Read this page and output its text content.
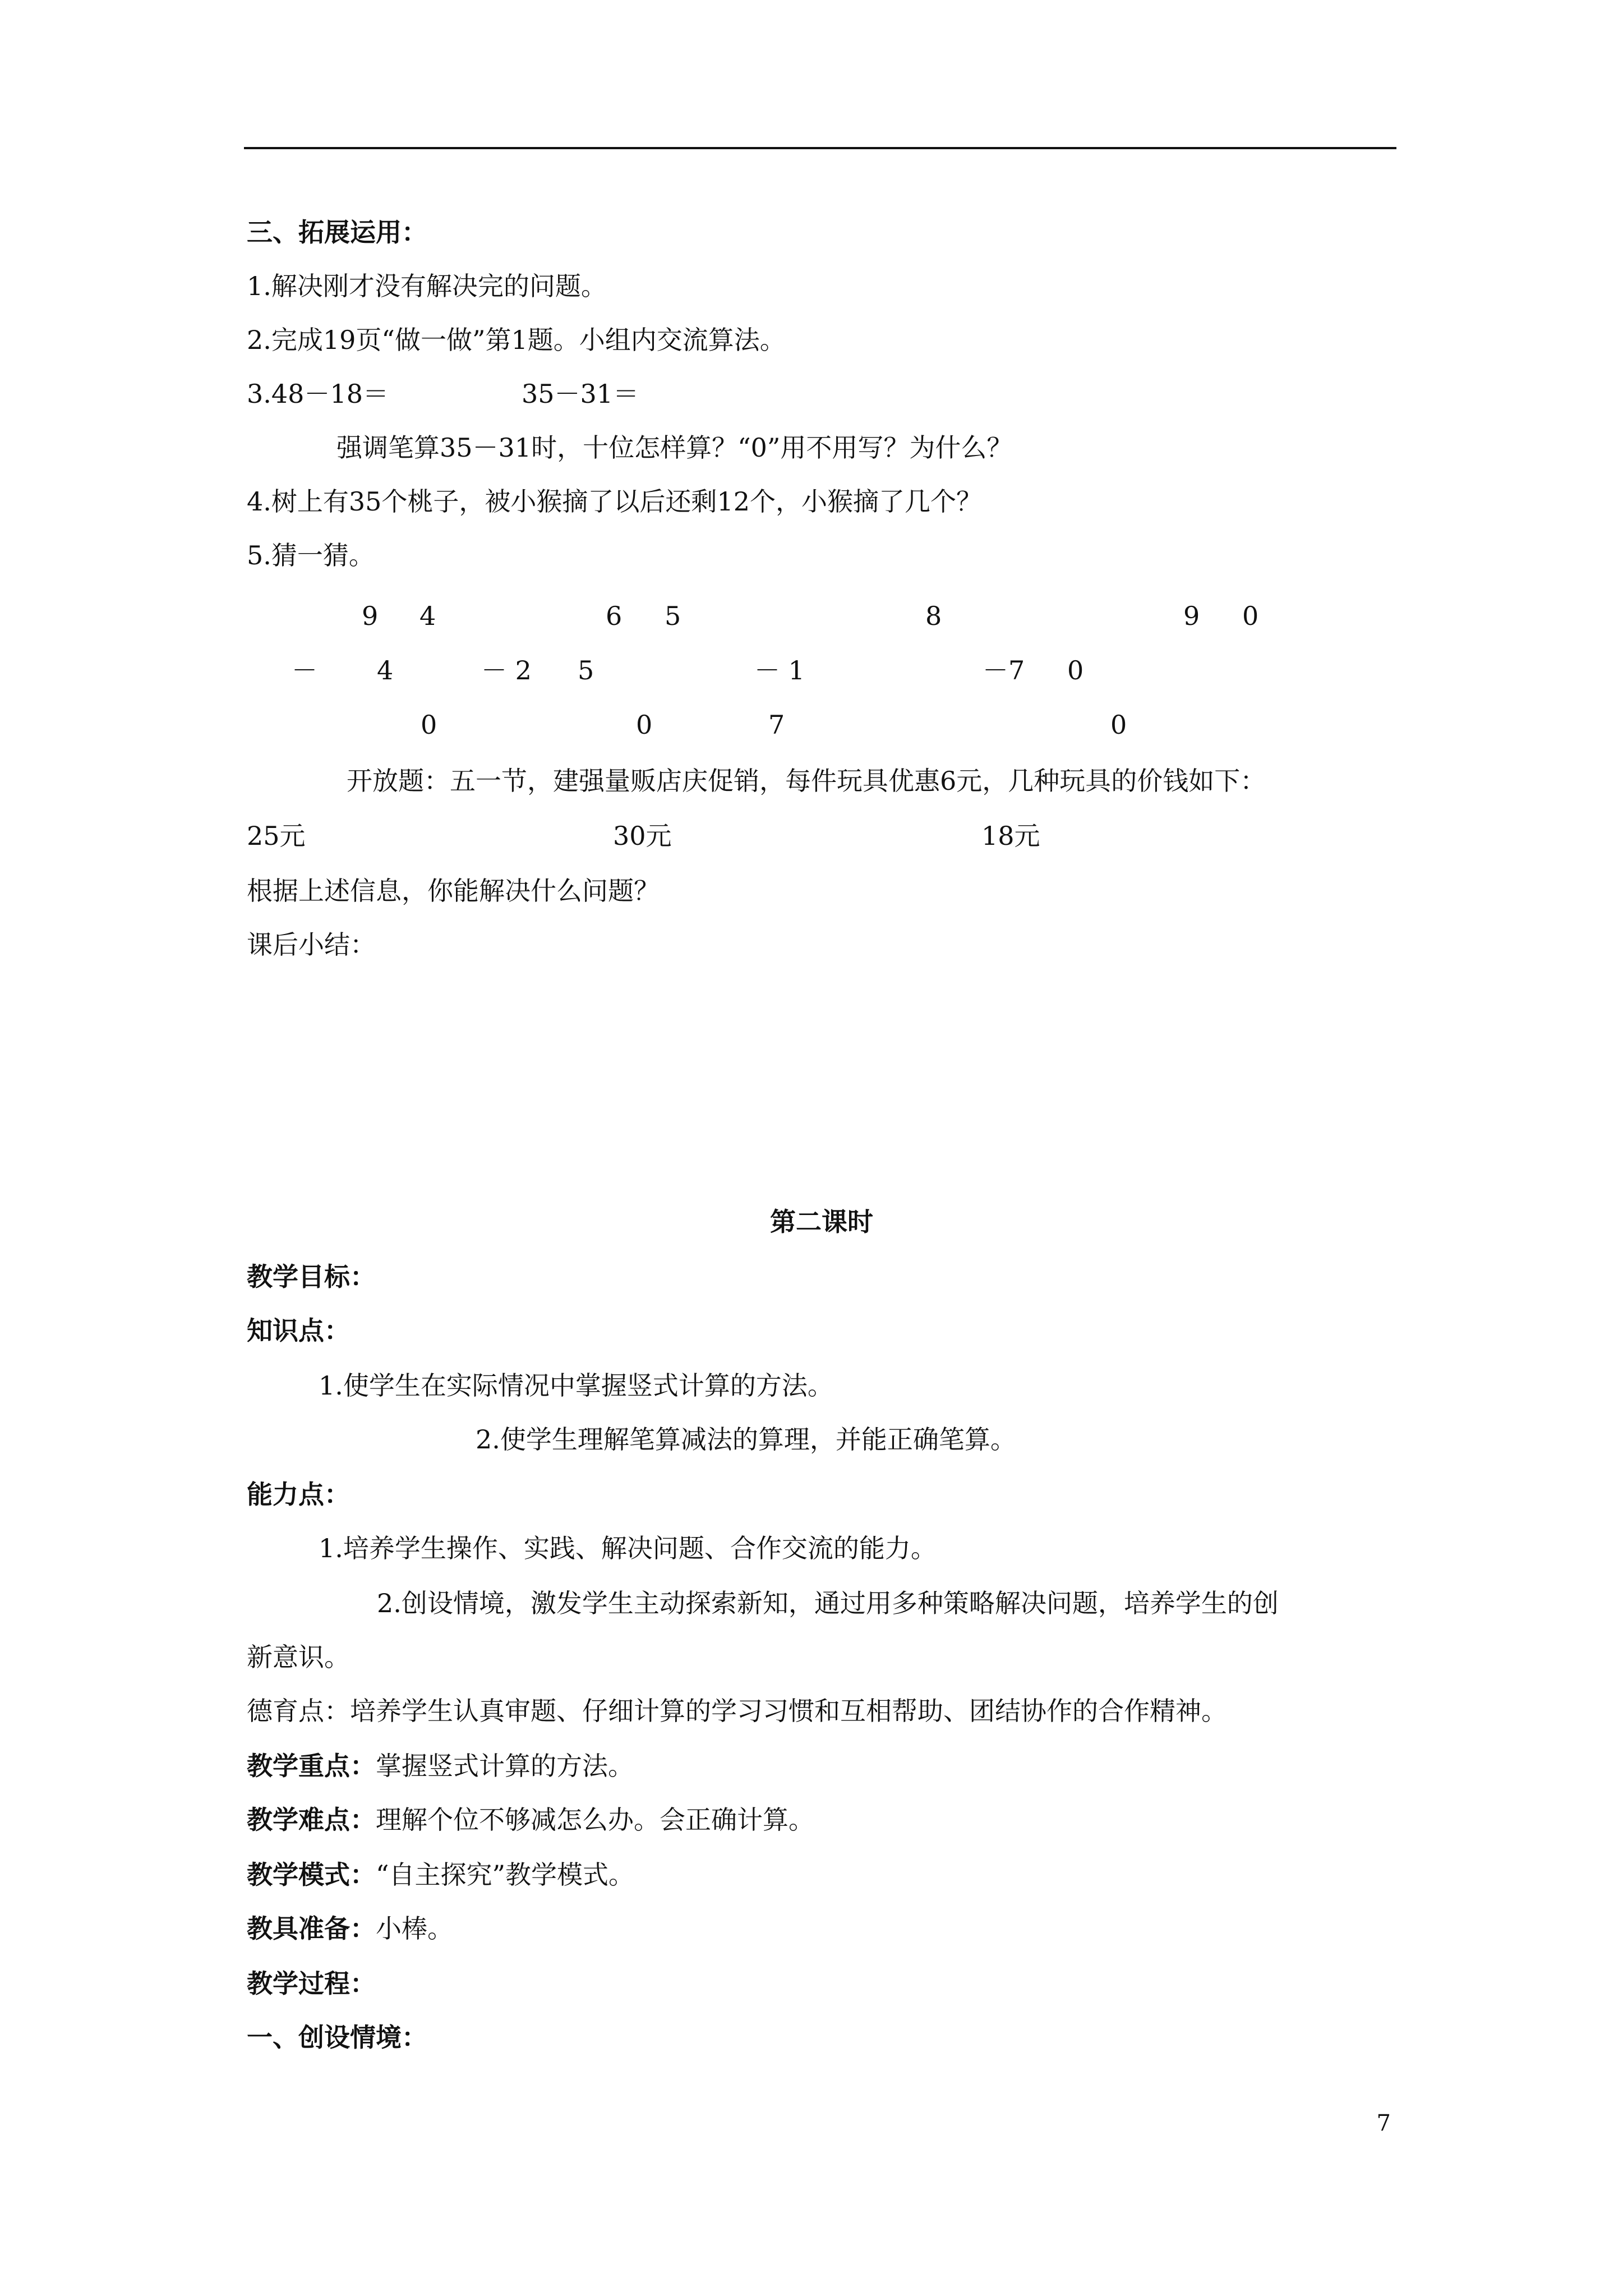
三、拓展运用：
1.解决刚才没有解决完的问题。
2.完成19页“做一做”第1题。小组内交流算法。
3.48－18＝	35－31＝
强调笔算35－31时，十位怎样算？“0”用不用写？为什么？
4.树上有35个桃子，被小猴摘了以后还剩12个，小猴摘了几个？
5.猜一猜。
9 4
－ 4
0
6 5
－ 2 5
0
8
－ 1
7
9 0
－7 0
0
开放题：五一节，建强量贩店庆促销，每件玩具优惠6元，几种玩具的价钱如下：
25元	30元	18元
根据上述信息，你能解决什么问题？
课后小结：
第二课时
教学目标：
知识点：
1.使学生在实际情况中掌握竖式计算的方法。
2.使学生理解笔算减法的算理，并能正确笔算。
能力点：
1.培养学生操作、实践、解决问题、合作交流的能力。
2.创设情境，激发学生主动探索新知，通过用多种策略解决问题，培养学生的创
新意识。
德育点：培养学生认真审题、仔细计算的学习习惯和互相帮助、团结协作的合作精神。
教学重点：掌握竖式计算的方法。
教学难点：理解个位不够减怎么办。会正确计算。
教学模式：“自主探究”教学模式。
教具准备：小棒。
教学过程：
一、创设情境：
7
